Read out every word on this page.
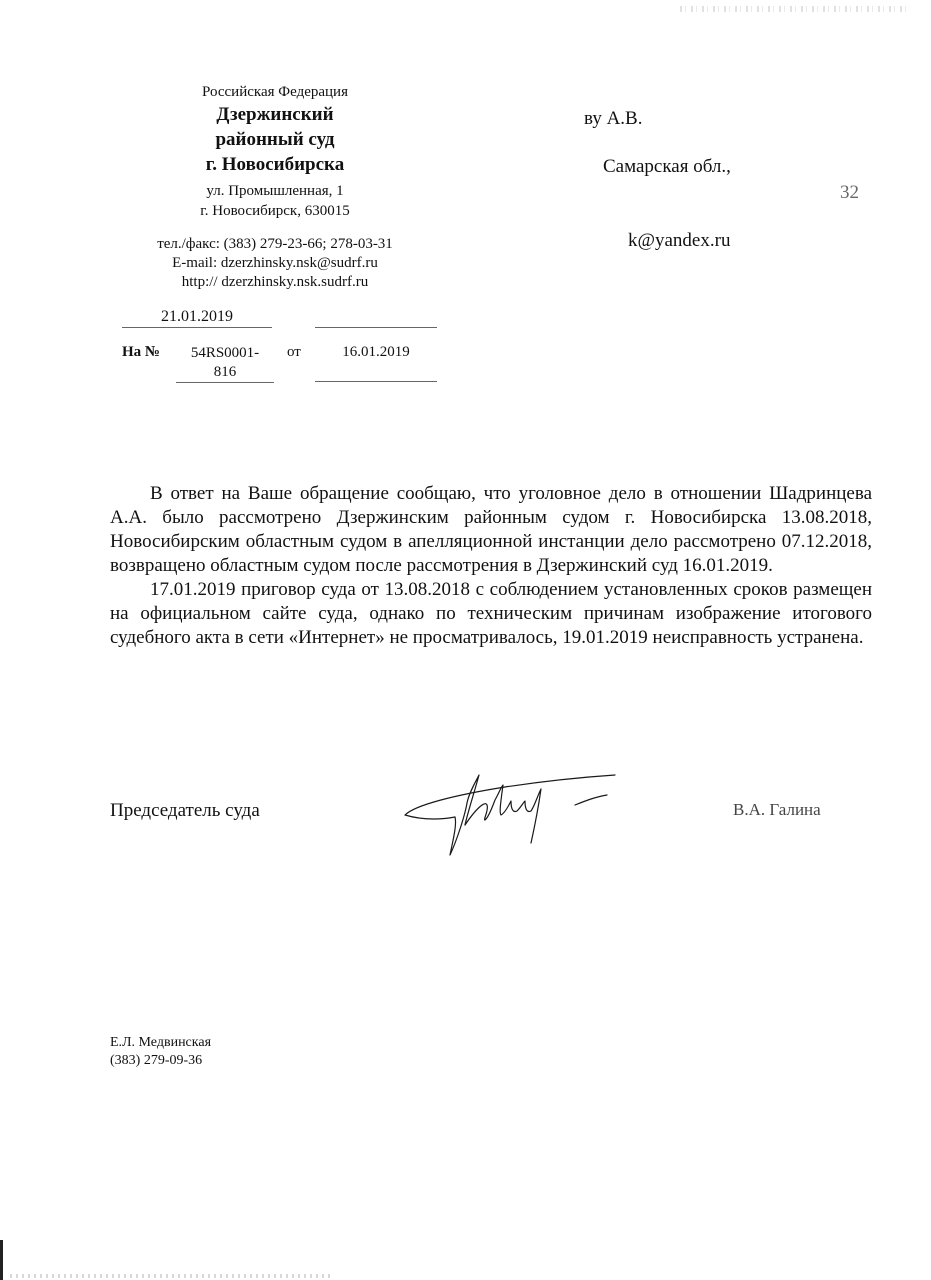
Российская Федерация
Дзержинский
районный суд
г. Новосибирска
ул. Промышленная, 1
г. Новосибирск, 630015
тел./факс: (383) 279-23-66; 278-03-31
E-mail: dzerzhinsky.nsk@sudrf.ru
http:// dzerzhinsky.nsk.sudrf.ru
21.01.2019
На №	54RS0001-
816
от	16.01.2019
ву А.В.
Самарская обл.,
32
k@yandex.ru

В ответ на Ваше обращение сообщаю, что уголовное дело в отношении Шадринцева А.А. было рассмотрено Дзержинским районным судом г. Новосибирска 13.08.2018, Новосибирским областным судом в апелляционной инстанции дело рассмотрено 07.12.2018, возвращено областным судом после рассмотрения в Дзержинский суд 16.01.2019.

17.01.2019 приговор суда от 13.08.2018 с соблюдением установленных сроков размещен на официальном сайте суда, однако по техническим причинам изображение итогового судебного акта в сети «Интернет» не просматривалось, 19.01.2019 неисправность устранена.

Председатель суда	В.А. Галина
Е.Л. Медвинская
(383) 279-09-36
